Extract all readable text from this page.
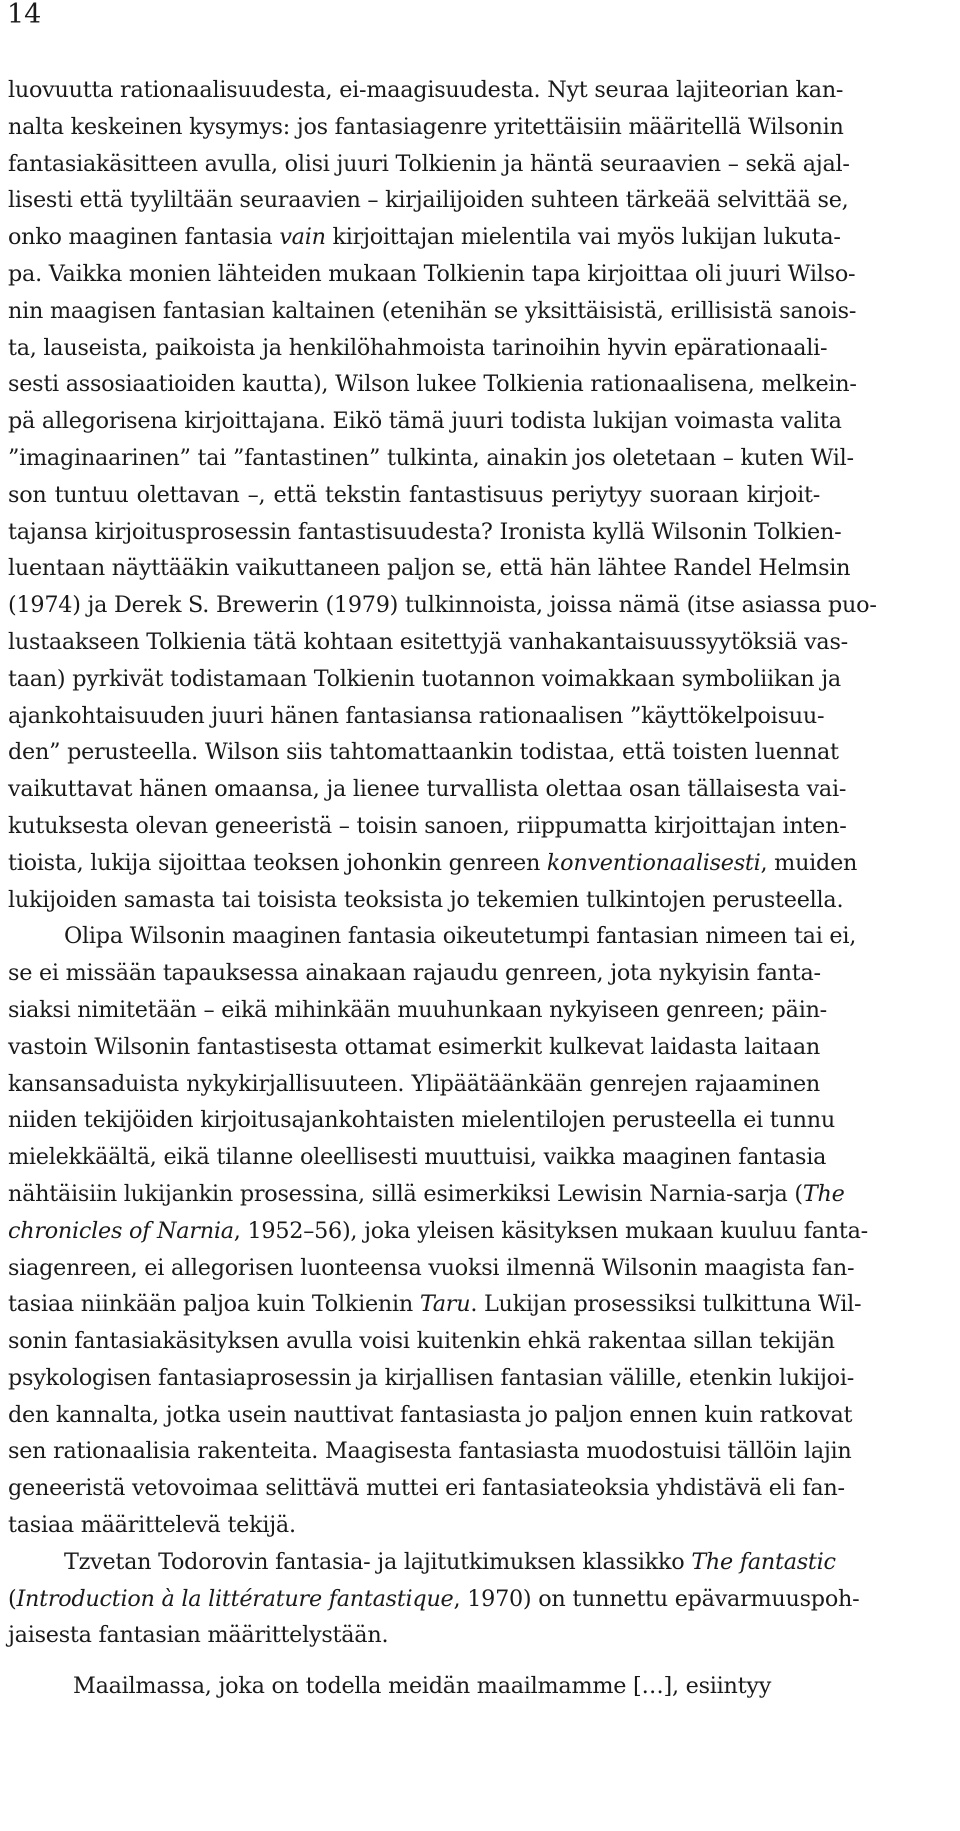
14
luovuutta rationaalisuudesta, ei-maagisuudesta. Nyt seuraa lajiteorian kan-
nalta keskeinen kysymys: jos fantasiagenre yritettäisiin määritellä Wilsonin
fantasiakäsitteen avulla, olisi juuri Tolkienin ja häntä seuraavien – sekä ajal-
lisesti että tyyliltään seuraavien – kirjailijoiden suhteen tärkeää selvittää se,
onko maaginen fantasia vain kirjoittajan mielentila vai myös lukijan lukuta-
pa. Vaikka monien lähteiden mukaan Tolkienin tapa kirjoittaa oli juuri Wilso-
nin maagisen fantasian kaltainen (etenihän se yksittäisistä, erillisistä sanois-
ta, lauseista, paikoista ja henkilöhahmoista tarinoihin hyvin epärationaali-
sesti assosiaatioiden kautta), Wilson lukee Tolkienia rationaalisena, melkein-
pä allegorisena kirjoittajana. Eikö tämä juuri todista lukijan voimasta valita
”imaginaarinen” tai ”fantastinen” tulkinta, ainakin jos oletetaan – kuten Wil-
son tuntuu olettavan –, että tekstin fantastisuus periytyy suoraan kirjoit-
tajansa kirjoitusprosessin fantastisuudesta? Ironista kyllä Wilsonin Tolkien-
luentaan näyttääkin vaikuttaneen paljon se, että hän lähtee Randel Helmsin
(1974) ja Derek S. Brewerin (1979) tulkinnoista, joissa nämä (itse asiassa puo-
lustaakseen Tolkienia tätä kohtaan esitettyjä vanhakantaisuussyytöksiä vas-
taan) pyrkivät todistamaan Tolkienin tuotannon voimakkaan symboliikan ja
ajankohtaisuuden juuri hänen fantasiansa rationaalisen ”käyttökelpoisuu-
den” perusteella. Wilson siis tahtomattaankin todistaa, että toisten luennat
vaikuttavat hänen omaansa, ja lienee turvallista olettaa osan tällaisesta vai-
kutuksesta olevan geneeristä – toisin sanoen, riippumatta kirjoittajan inten-
tioista, lukija sijoittaa teoksen johonkin genreen konventionaalisesti, muiden
lukijoiden samasta tai toisista teoksista jo tekemien tulkintojen perusteella.
Olipa Wilsonin maaginen fantasia oikeutetumpi fantasian nimeen tai ei,
se ei missään tapauksessa ainakaan rajaudu genreen, jota nykyisin fanta-
siaksi nimitetään – eikä mihinkään muuhunkaan nykyiseen genreen; päin-
vastoin Wilsonin fantastisesta ottamat esimerkit kulkevat laidasta laitaan
kansansaduista nykykirjallisuuteen. Ylipäätäänkään genrejen rajaaminen
niiden tekijöiden kirjoitusajankohtaisten mielentilojen perusteella ei tunnu
mielekkäältä, eikä tilanne oleellisesti muuttuisi, vaikka maaginen fantasia
nähtäisiin lukijankin prosessina, sillä esimerkiksi Lewisin Narnia-sarja (The
chronicles of Narnia, 1952–56), joka yleisen käsityksen mukaan kuuluu fanta-
siagenreen, ei allegorisen luonteensa vuoksi ilmennä Wilsonin maagista fan-
tasiaa niinkään paljoa kuin Tolkienin Taru. Lukijan prosessiksi tulkittuna Wil-
sonin fantasiakäsityksen avulla voisi kuitenkin ehkä rakentaa sillan tekijän
psykologisen fantasiaprosessin ja kirjallisen fantasian välille, etenkin lukijoi-
den kannalta, jotka usein nauttivat fantasiasta jo paljon ennen kuin ratkovat
sen rationaalisia rakenteita. Maagisesta fantasiasta muodostuisi tällöin lajin
geneeristä vetovoimaa selittävä muttei eri fantasiateoksia yhdistävä eli fan-
tasiaa määrittelevä tekijä.
Tzvetan Todorovin fantasia- ja lajitutkimuksen klassikko The fantastic
(Introduction à la littérature fantastique, 1970) on tunnettu epävarmuuspoh-
jaisesta fantasian määrittelystään.
Maailmassa, joka on todella meidän maailmamme […], esiintyy
